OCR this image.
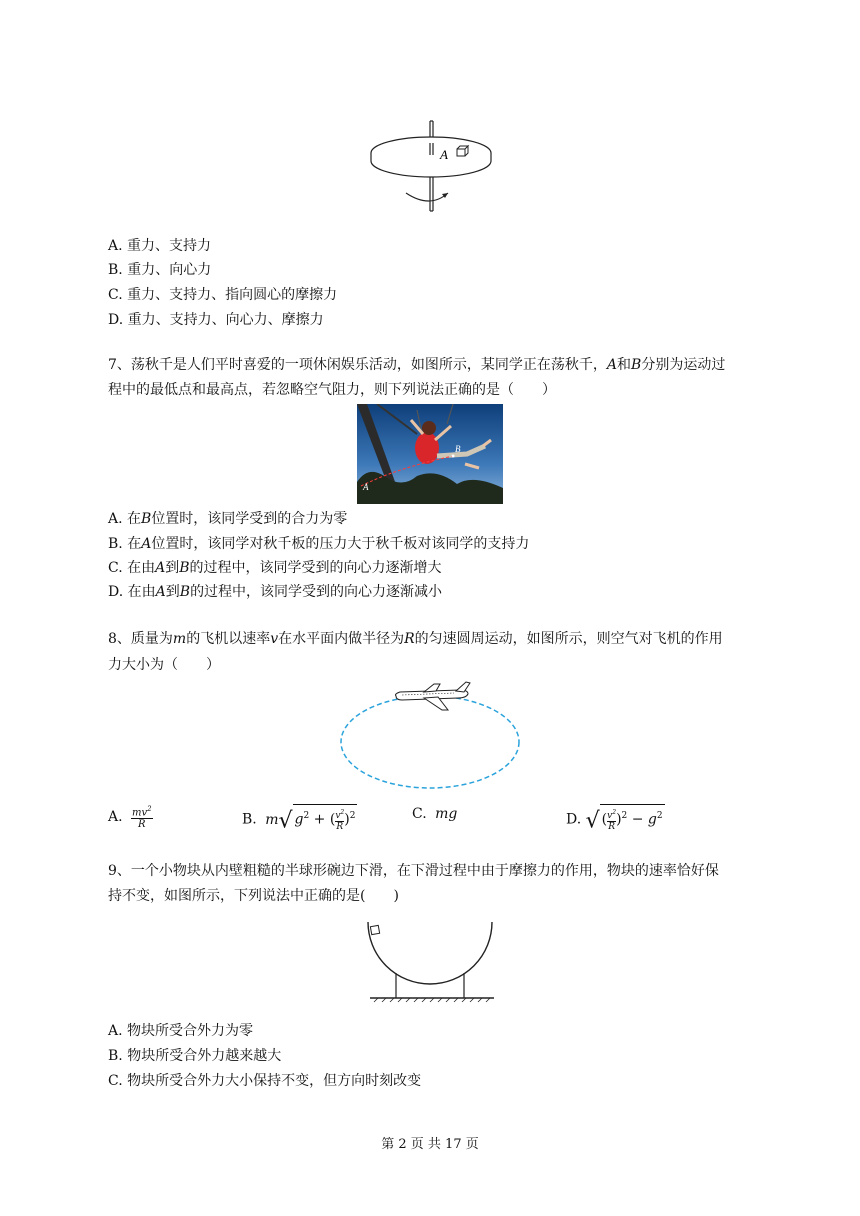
A
A. 重力、支持力
B. 重力、向心力
C. 重力、支持力、指向圆心的摩擦力
D. 重力、支持力、向心力、摩擦力
7、荡秋千是人们平时喜爱的一项休闲娱乐活动，如图所示，某同学正在荡秋千，A和B分别为运动过
程中的最低点和最高点，若忽略空气阻力，则下列说法正确的是（　　）
A
B
A. 在B位置时，该同学受到的合力为零
B. 在A位置时，该同学对秋千板的压力大于秋千板对该同学的支持力
C. 在由A到B的过程中，该同学受到的向心力逐渐增大
D. 在由A到B的过程中，该同学受到的向心力逐渐减小
8、质量为m的飞机以速率v在水平面内做半径为R的匀速圆周运动，如图所示，则空气对飞机的作用
力大小为（　　）
A. $\frac{mv^2}{R}$	B. m√ $g^2$ + ( $\frac{v^2}{R} )^2$	C. mg	D. √ ( $\frac{v^2}{R} )^2 - g^2$
9、一个小物块从内壁粗糙的半球形碗边下滑，在下滑过程中由于摩擦力的作用，物块的速率恰好保
持不变，如图所示，下列说法中正确的是(　　)
A. 物块所受合外力为零
B. 物块所受合外力越来越大
C. 物块所受合外力大小保持不变，但方向时刻改变
第 2 页 共 17 页
